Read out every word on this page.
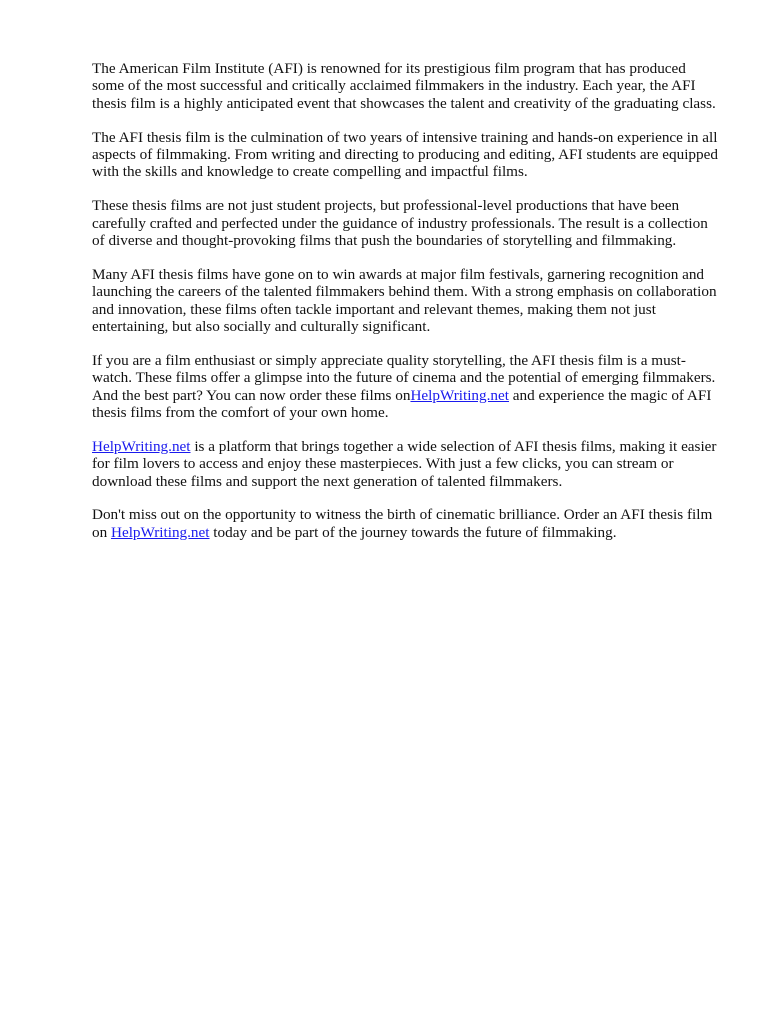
The American Film Institute (AFI) is renowned for its prestigious film program that has produced some of the most successful and critically acclaimed filmmakers in the industry. Each year, the AFI thesis film is a highly anticipated event that showcases the talent and creativity of the graduating class.

The AFI thesis film is the culmination of two years of intensive training and hands-on experience in all aspects of filmmaking. From writing and directing to producing and editing, AFI students are equipped with the skills and knowledge to create compelling and impactful films.

These thesis films are not just student projects, but professional-level productions that have been carefully crafted and perfected under the guidance of industry professionals. The result is a collection of diverse and thought-provoking films that push the boundaries of storytelling and filmmaking.

Many AFI thesis films have gone on to win awards at major film festivals, garnering recognition and launching the careers of the talented filmmakers behind them. With a strong emphasis on collaboration and innovation, these films often tackle important and relevant themes, making them not just entertaining, but also socially and culturally significant.

If you are a film enthusiast or simply appreciate quality storytelling, the AFI thesis film is a must-watch. These films offer a glimpse into the future of cinema and the potential of emerging filmmakers. And the best part? You can now order these films onHelpWriting.net and experience the magic of AFI thesis films from the comfort of your own home.

HelpWriting.net is a platform that brings together a wide selection of AFI thesis films, making it easier for film lovers to access and enjoy these masterpieces. With just a few clicks, you can stream or download these films and support the next generation of talented filmmakers.

Don't miss out on the opportunity to witness the birth of cinematic brilliance. Order an AFI thesis film on HelpWriting.net today and be part of the journey towards the future of filmmaking.
